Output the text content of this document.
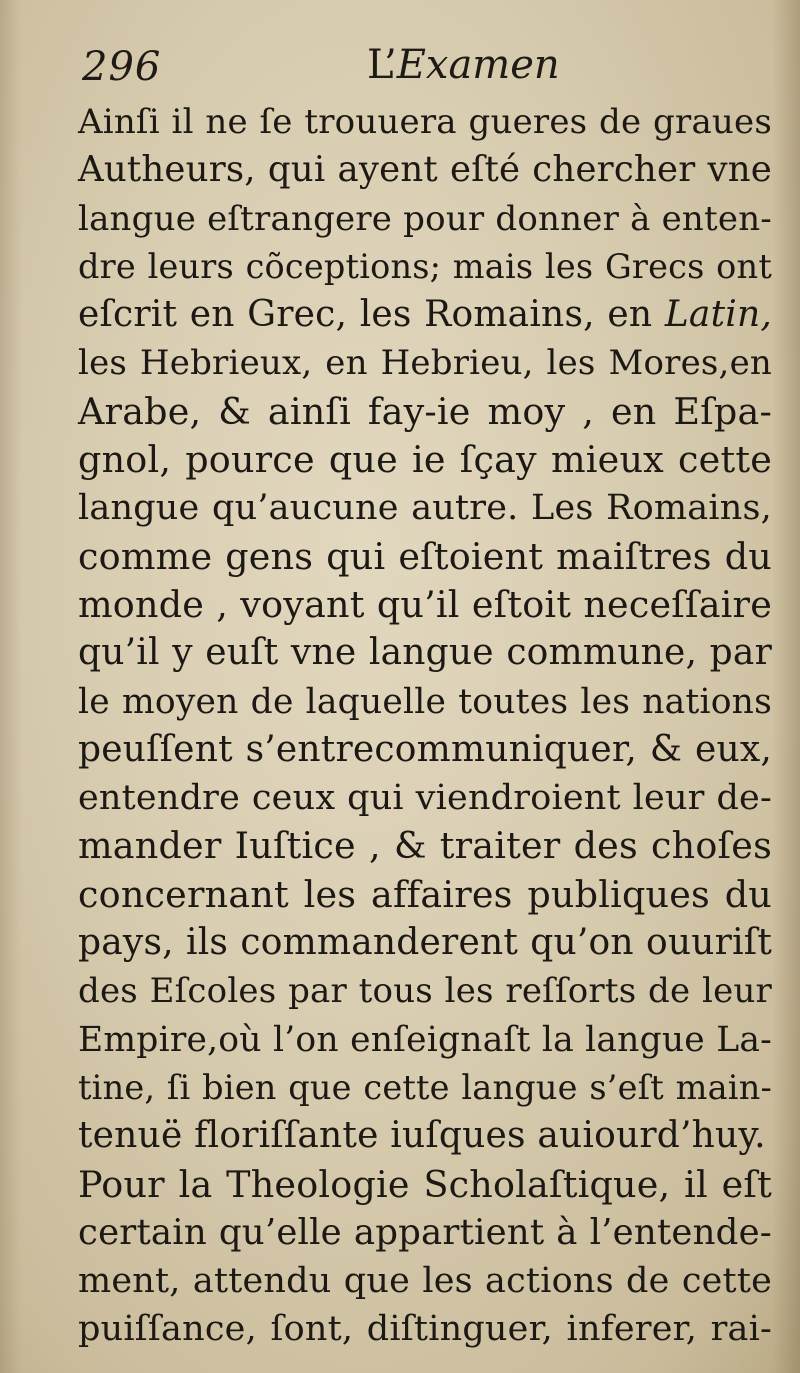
296	L’Examen
Ainſi il ne ſe trouuera gueres de graues
Autheurs, qui ayent eſté chercher vne
langue eſtrangere pour donner à enten-
dre leurs cõceptions; mais les Grecs ont
eſcrit en Grec, les Romains, en Latin,
les Hebrieux, en Hebrieu, les Mores,en
Arabe, & ainſi fay-ie moy , en Eſpa-
gnol, pource que ie ſçay mieux cette
langue qu’aucune autre. Les Romains,
comme gens qui eſtoient maiſtres du
monde , voyant qu’il eſtoit neceſſaire
qu’il y euſt vne langue commune, par
le moyen de laquelle toutes les nations
peuſſent s’entrecommuniquer, & eux,
entendre ceux qui viendroient leur de-
mander Iuſtice , & traiter des choſes
concernant les affaires publiques du
pays, ils commanderent qu’on ouuriſt
des Eſcoles par tous les reſſorts de leur
Empire,où l’on enſeignaſt la langue La-
tine, ſi bien que cette langue s’eſt main-
tenuë floriſſante iuſques auiourd’huy.
Pour la Theologie Scholaſtique, il eſt
certain qu’elle appartient à l’entende-
ment, attendu que les actions de cette
puiſſance, ſont, diſtinguer, inferer, rai-
